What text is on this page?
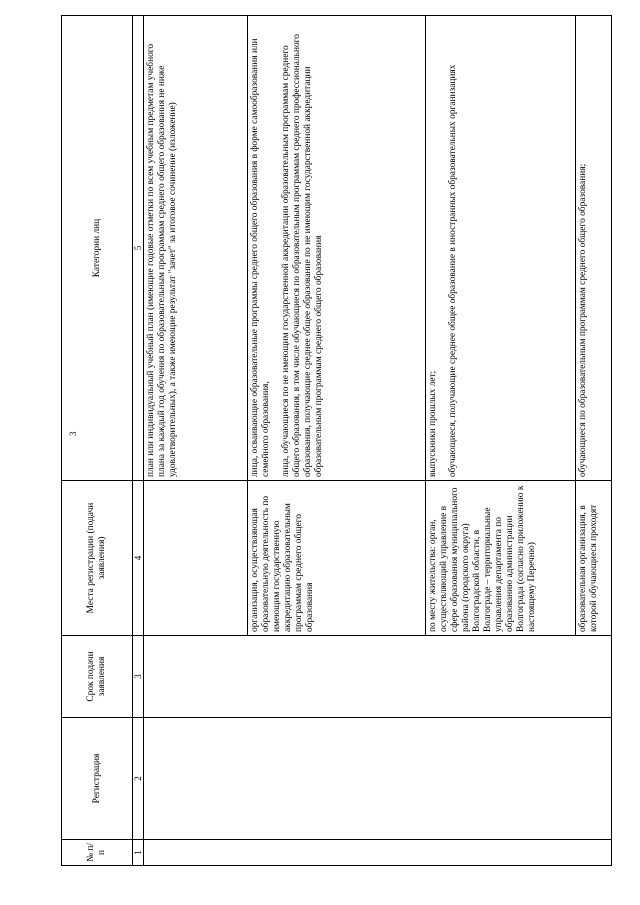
3
№ п/п	Регистрация	Срок подачи заявления	Места регистрации (подачи заявления)	Категории лиц
1	2	3	4	5

				план или индивидуальный учебный план (имеющие годовые отметки по всем учебным предметам учебного плана за каждый год обучения по образовательным программам среднего общего образования не ниже удовлетворительных), а также имеющие результат "зачет" за итоговое сочинение (изложение)

			организация, осуществляющая образовательную деятельность по имеющим государственную аккредитацию образовательным программам среднего общего образования	лица, осваивающие образовательные программы среднего общего образования в форме самообразования или семейного образования, лица, обучающиеся по не имеющим государственной аккредитации образовательным программам среднего общего образования, в том числе обучающиеся по образовательным программам среднего профессионального образования, получающие среднее общее образование по не имеющим государственной аккредитации образовательным программам среднего общего образования

			по месту жительства: орган, осуществляющий управление в сфере образования муниципального района (городского округа) Волгоградской области, в Волгограде – территориальные управления департамента по образованию администрации Волгограда (согласно приложению к настоящему Перечню)	выпускники прошлых лет; обучающиеся, получающие среднее общее образование в иностранных образовательных организациях

			образовательная организация, в которой обучающиеся проходят	обучающиеся по образовательным программам среднего общего образования;
